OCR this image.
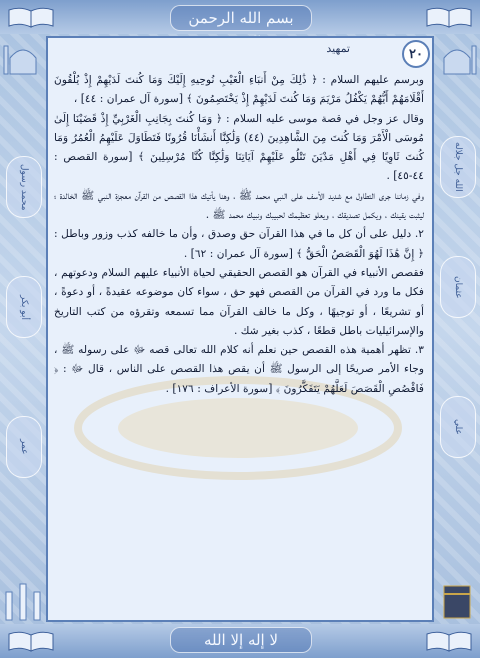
بسم الله الرحمن
محمد رسول
أبو بكر
عمر
الله جل جلاله
عثمان
علي
٢٠
تمهيد

وبرسم عليهم السلام : ﴿ ذَٰلِكَ مِنْ أَنبَاءِ الْغَيْبِ نُوحِيهِ إِلَيْكَ وَمَا كُنتَ لَدَيْهِمْ إِذْ يُلْقُونَ أَقْلَامَهُمْ أَيُّهُمْ يَكْفُلُ مَرْيَمَ وَمَا كُنتَ لَدَيْهِمْ إِذْ يَخْتَصِمُونَ ﴾ [سورة آل عمران : ٤٤] ،

وقال عز وجل في قصة موسى عليه السلام : ﴿ وَمَا كُنتَ بِجَانِبِ الْغَرْبِيِّ إِذْ قَضَيْنَا إِلَىٰ مُوسَى الْأَمْرَ وَمَا كُنتَ مِنَ الشَّاهِدِينَ (٤٤) وَلَٰكِنَّا أَنشَأْنَا قُرُونًا فَتَطَاوَلَ عَلَيْهِمُ الْعُمُرُ وَمَا كُنتَ ثَاوِيًا فِي أَهْلِ مَدْيَنَ تَتْلُو عَلَيْهِمْ آيَاتِنَا وَلَٰكِنَّا كُنَّا مُرْسِلِينَ ﴾ [سورة القصص : ٤٤-٤٥] .

وفي زماننا جرى التطاول مع شديد الأسف على النبي محمد ﷺ ، وهنا يأتيك هذا القصص من القرآن معجزة النبي ﷺ الخالدة ؛ ليثبت يقينك ، ويكمل تصديقك ، ويعلو تعظيمك لحبيبك ونبيك محمد ﷺ .

٢. دليل على أن كل ما في هذا القرآن حق وصدق ، وأن ما خالفه كذب وزور وباطل : ﴿ إِنَّ هَٰذَا لَهُوَ الْقَصَصُ الْحَقُّ ﴾ [سورة آل عمران : ٦٢] .

فقصص الأنبياء في القرآن هو القصص الحقيقي لحياة الأنبياء عليهم السلام ودعوتهم ، فكل ما ورد في القرآن من القصص فهو حق ، سواء كان موضوعه عقيدةً ، أو دعوةً ، أو تشريعًا ، أو توجيهًا ، وكل ما خالف القرآن مما تسمعه وتقرؤه من كتب التاريخ والإسرائيليات باطل قطعًا ، كذب بغير شك .

٣. تظهر أهمية هذه القصص حين نعلم أنه كلام الله تعالى قصه ﷻ على رسوله ﷺ ، وجاء الأمر صريحًا إلى الرسول ﷺ أن يقص هذا القصص على الناس ، قال ﷻ : ﴿ فَاقْصُصِ الْقَصَصَ لَعَلَّهُمْ يَتَفَكَّرُونَ ﴾ [سورة الأعراف : ١٧٦] .

لا إله إلا الله
